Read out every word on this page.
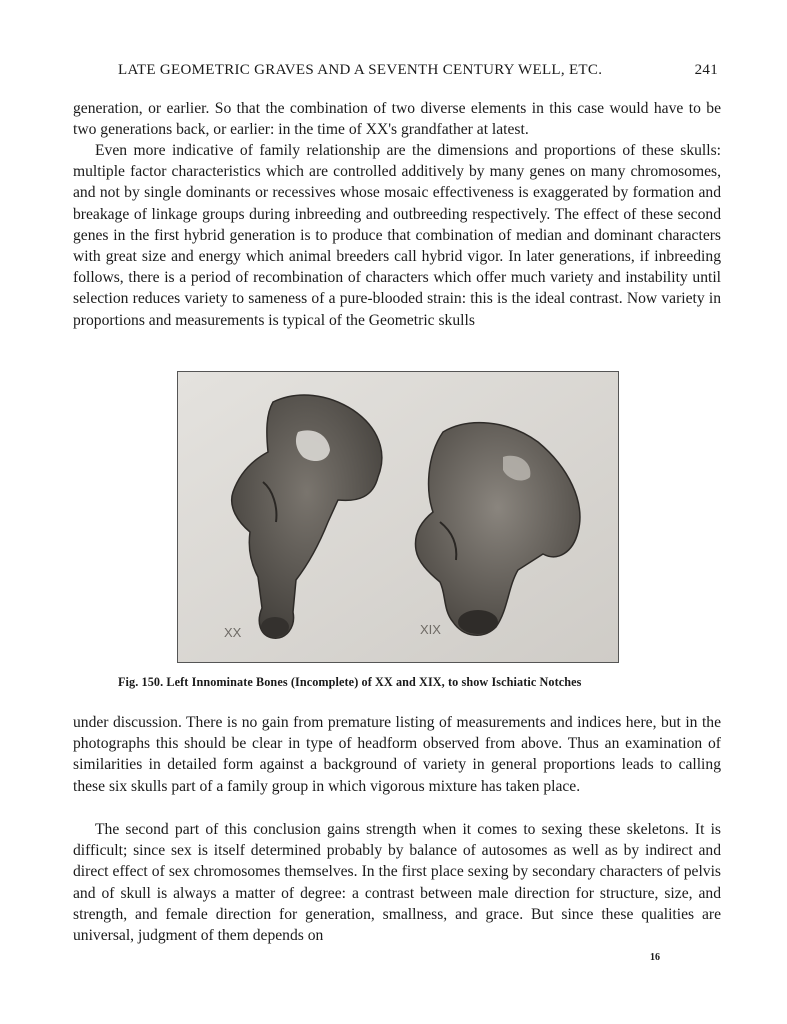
LATE GEOMETRIC GRAVES AND A SEVENTH CENTURY WELL, ETC.	241

generation, or earlier. So that the combination of two diverse elements in this case would have to be two generations back, or earlier: in the time of XX's grandfather at latest.

Even more indicative of family relationship are the dimensions and proportions of these skulls: multiple factor characteristics which are controlled additively by many genes on many chromosomes, and not by single dominants or recessives whose mosaic effectiveness is exaggerated by formation and breakage of linkage groups during inbreeding and outbreeding respectively. The effect of these second genes in the first hybrid generation is to produce that combination of median and dominant characters with great size and energy which animal breeders call hybrid vigor. In later generations, if inbreeding follows, there is a period of recombination of characters which offer much variety and instability until selection reduces variety to sameness of a pure-blooded strain: this is the ideal contrast. Now variety in proportions and measurements is typical of the Geometric skulls

XX	XIX
Fig. 150. Left Innominate Bones (Incomplete) of XX and XIX, to show Ischiatic Notches

under discussion. There is no gain from premature listing of measurements and indices here, but in the photographs this should be clear in type of headform observed from above. Thus an examination of similarities in detailed form against a background of variety in general proportions leads to calling these six skulls part of a family group in which vigorous mixture has taken place.

The second part of this conclusion gains strength when it comes to sexing these skeletons. It is difficult; since sex is itself determined probably by balance of autosomes as well as by indirect and direct effect of sex chromosomes themselves. In the first place sexing by secondary characters of pelvis and of skull is always a matter of degree: a contrast between male direction for structure, size, and strength, and female direction for generation, smallness, and grace. But since these qualities are universal, judgment of them depends on

16
